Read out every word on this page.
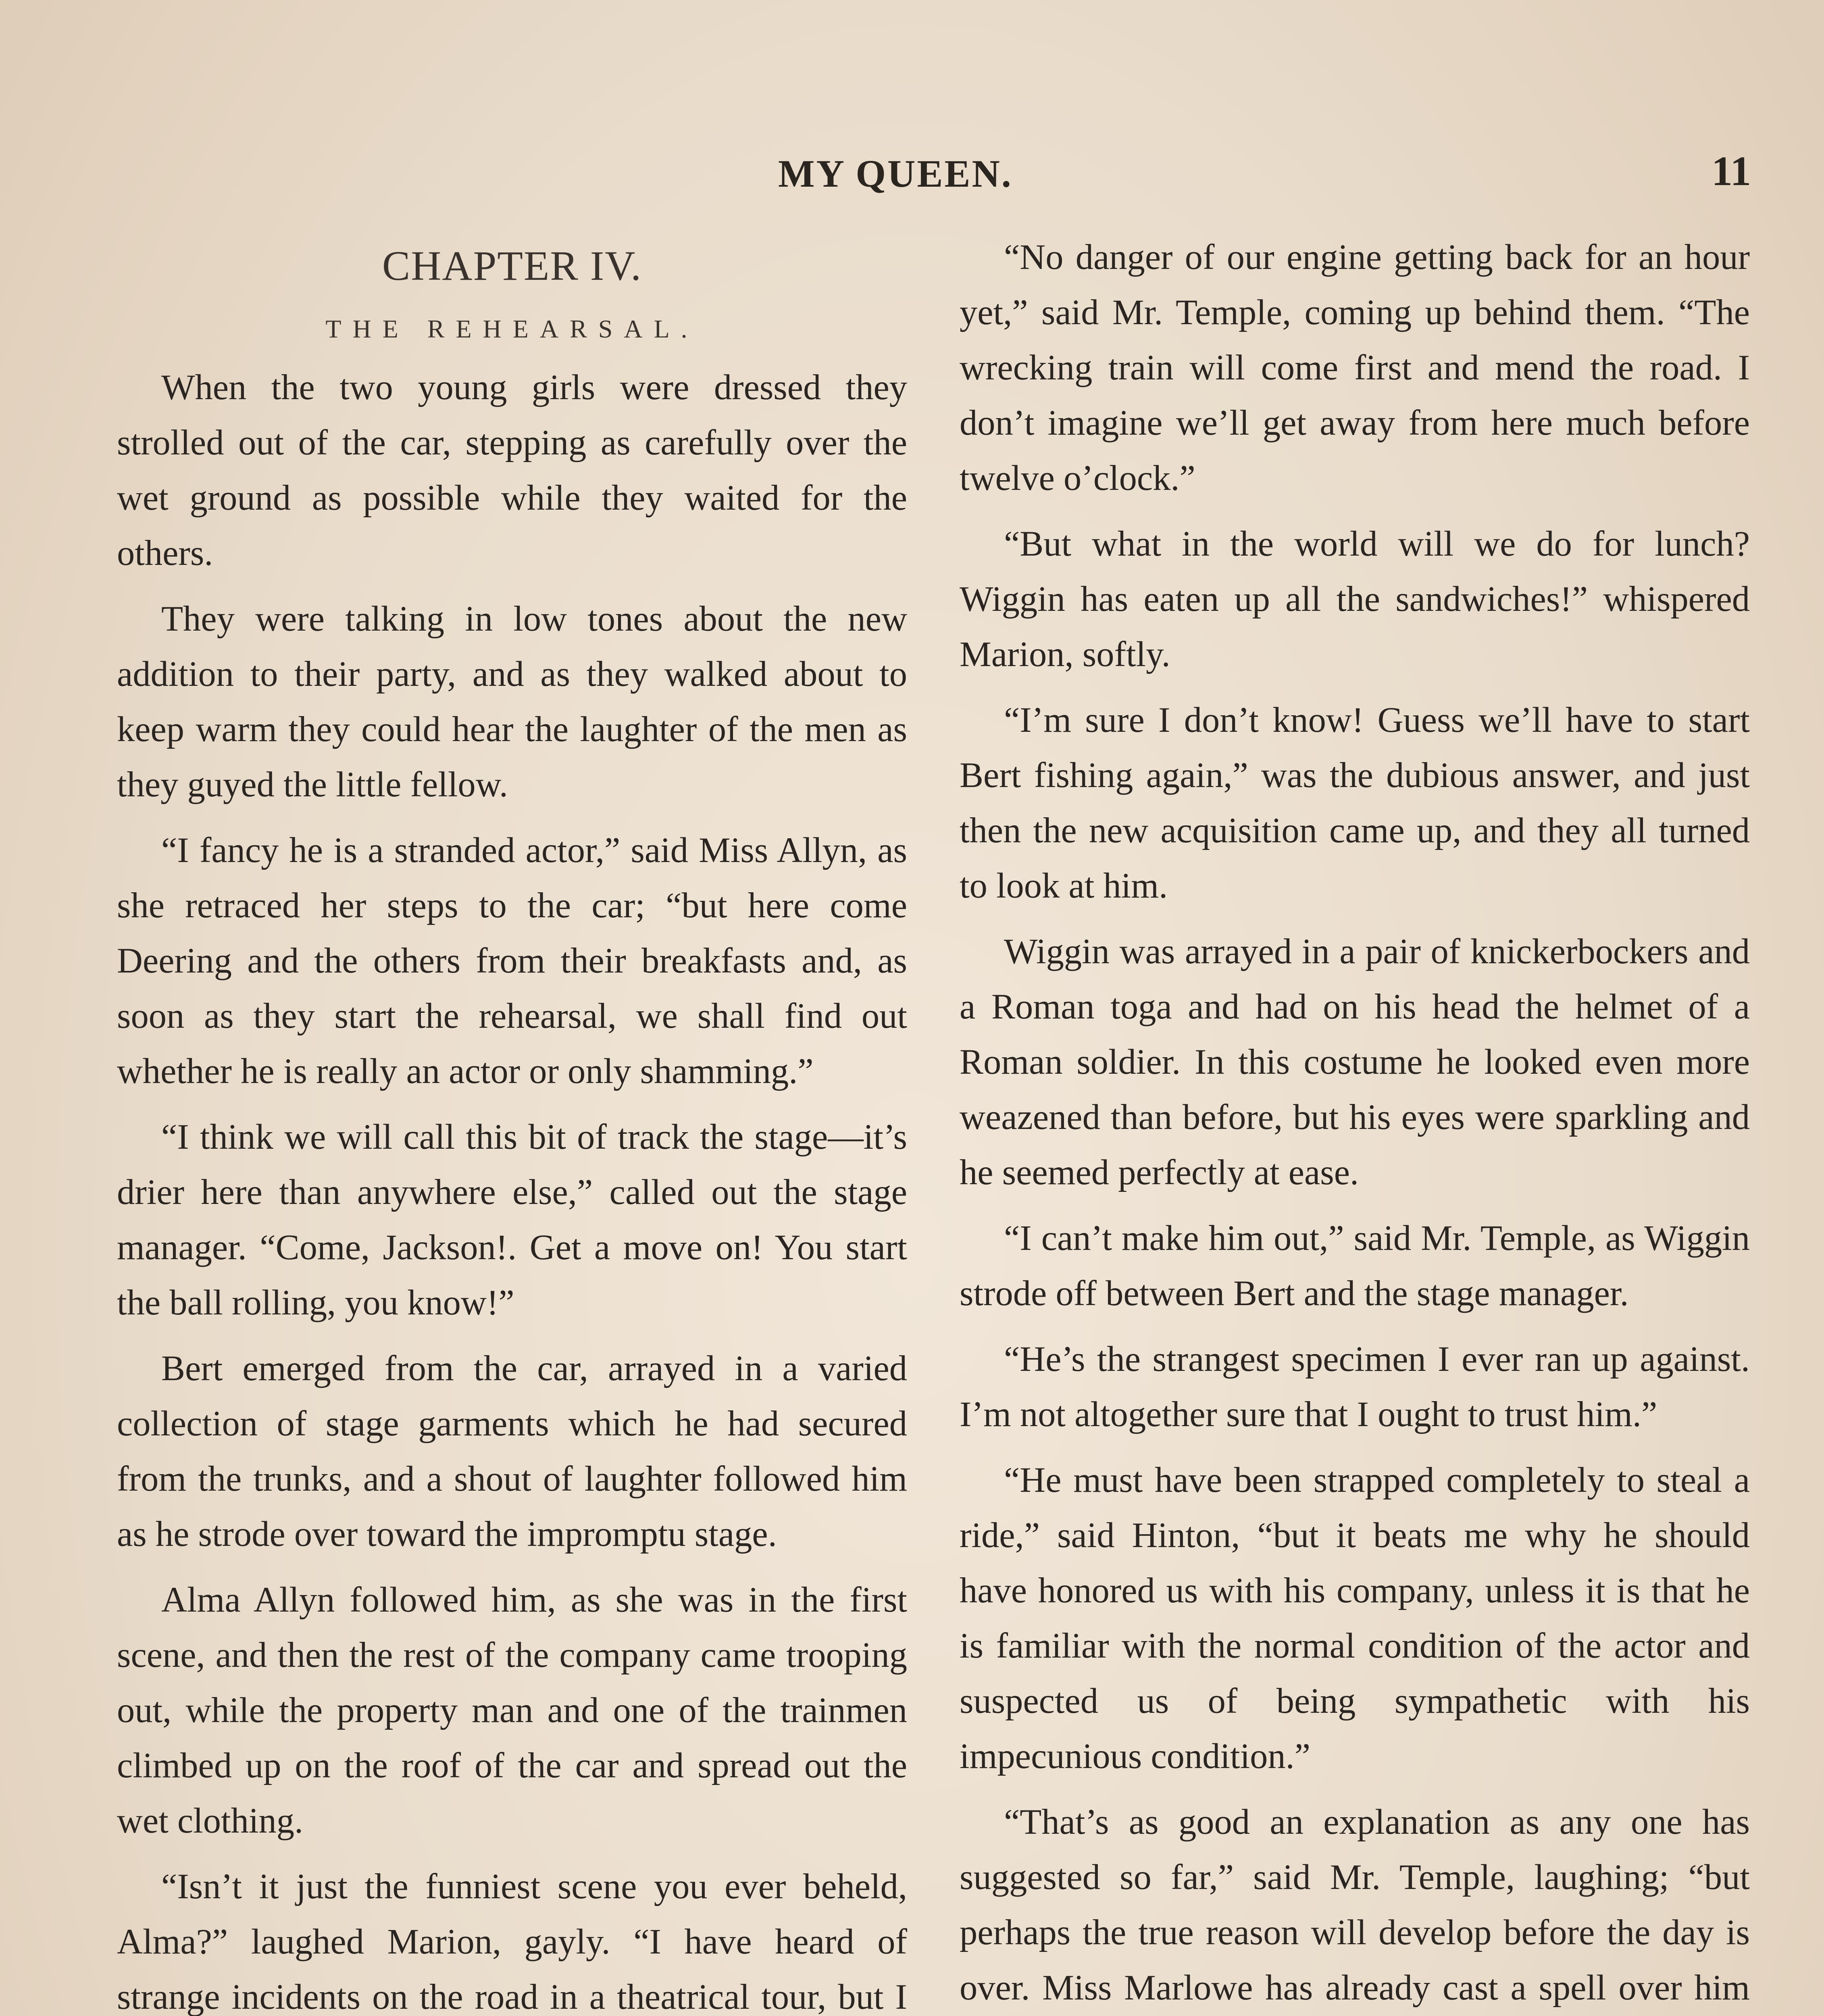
MY QUEEN.	11
CHAPTER IV.
THE REHEARSAL.

When the two young girls were dressed they strolled out of the car, stepping as carefully over the wet ground as possible while they waited for the others.

They were talking in low tones about the new addition to their party, and as they walked about to keep warm they could hear the laughter of the men as they guyed the little fellow.

“I fancy he is a stranded actor,” said Miss Allyn, as she retraced her steps to the car; “but here come Deering and the others from their breakfasts and, as soon as they start the rehearsal, we shall find out whether he is really an actor or only shamming.”

“I think we will call this bit of track the stage—it’s drier here than anywhere else,” called out the stage manager. “Come, Jackson!. Get a move on! You start the ball rolling, you know!”

Bert emerged from the car, arrayed in a varied collection of stage garments which he had secured from the trunks, and a shout of laughter followed him as he strode over toward the impromptu stage.

Alma Allyn followed him, as she was in the first scene, and then the rest of the company came trooping out, while the property man and one of the trainmen climbed up on the roof of the car and spread out the wet clothing.

“Isn’t it just the funniest scene you ever beheld, Alma?” laughed Marion, gayly. “I have heard of strange incidents on the road in a theatrical tour, but I

“No danger of our engine getting back for an hour yet,” said Mr. Temple, coming up behind them. “The wrecking train will come first and mend the road. I don’t imagine we’ll get away from here much before twelve o’clock.”

“But what in the world will we do for lunch? Wiggin has eaten up all the sandwiches!” whispered Marion, softly.

“I’m sure I don’t know! Guess we’ll have to start Bert fishing again,” was the dubious answer, and just then the new acquisition came up, and they all turned to look at him.

Wiggin was arrayed in a pair of knickerbockers and a Roman toga and had on his head the helmet of a Roman soldier. In this costume he looked even more weazened than before, but his eyes were sparkling and he seemed perfectly at ease.

“I can’t make him out,” said Mr. Temple, as Wiggin strode off between Bert and the stage manager.

“He’s the strangest specimen I ever ran up against. I’m not altogether sure that I ought to trust him.”

“He must have been strapped completely to steal a ride,” said Hinton, “but it beats me why he should have honored us with his company, unless it is that he is familiar with the normal condition of the actor and suspected us of being sympathetic with his impecunious condition.”

“That’s as good an explanation as any one has suggested so far,” said Mr. Temple, laughing; “but perhaps the true reason will develop before the day is over. Miss Marlowe has already cast a spell over him
